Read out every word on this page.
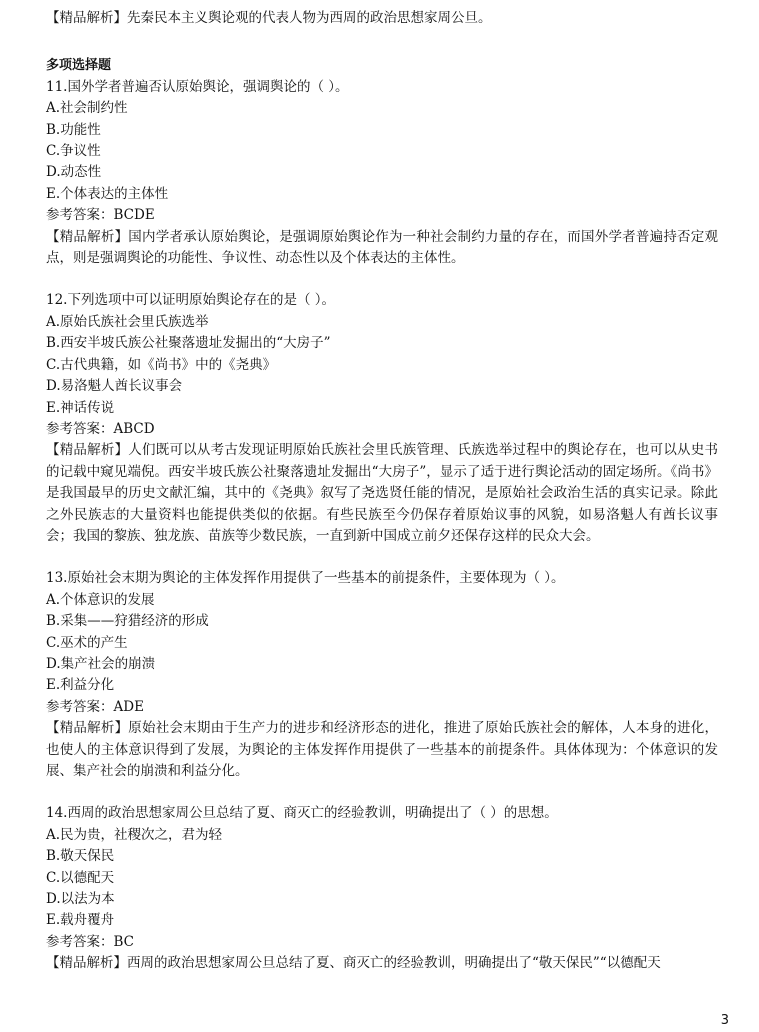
【精品解析】先秦民本主义舆论观的代表人物为西周的政治思想家周公旦。
多项选择题
11.国外学者普遍否认原始舆论，强调舆论的（ ）。
A.社会制约性
B.功能性
C.争议性
D.动态性
E.个体表达的主体性
参考答案：BCDE
【精品解析】国内学者承认原始舆论，是强调原始舆论作为一种社会制约力量的存在，而国外学者普遍持否定观点，则是强调舆论的功能性、争议性、动态性以及个体表达的主体性。
12.下列选项中可以证明原始舆论存在的是（ ）。
A.原始氏族社会里氏族选举
B.西安半坡氏族公社聚落遗址发掘出的“大房子”
C.古代典籍，如《尚书》中的《尧典》
D.易洛魁人酋长议事会
E.神话传说
参考答案：ABCD
【精品解析】人们既可以从考古发现证明原始氏族社会里氏族管理、氏族选举过程中的舆论存在，也可以从史书的记载中窥见端倪。西安半坡氏族公社聚落遗址发掘出“大房子”，显示了适于进行舆论活动的固定场所。《尚书》是我国最早的历史文献汇编，其中的《尧典》叙写了尧选贤任能的情况，是原始社会政治生活的真实记录。除此之外民族志的大量资料也能提供类似的依据。有些民族至今仍保存着原始议事的风貌，如易洛魁人有酋长议事会；我国的黎族、独龙族、苗族等少数民族，一直到新中国成立前夕还保存这样的民众大会。
13.原始社会末期为舆论的主体发挥作用提供了一些基本的前提条件，主要体现为（ ）。
A.个体意识的发展
B.采集——狩猎经济的形成
C.巫术的产生
D.集产社会的崩溃
E.利益分化
参考答案：ADE
【精品解析】原始社会末期由于生产力的进步和经济形态的进化，推进了原始氏族社会的解体，人本身的进化，也使人的主体意识得到了发展，为舆论的主体发挥作用提供了一些基本的前提条件。具体体现为：个体意识的发展、集产社会的崩溃和利益分化。
14.西周的政治思想家周公旦总结了夏、商灭亡的经验教训，明确提出了（ ）的思想。
A.民为贵，社稷次之，君为轻
B.敬天保民
C.以德配天
D.以法为本
E.载舟覆舟
参考答案：BC
【精品解析】西周的政治思想家周公旦总结了夏、商灭亡的经验教训，明确提出了“敬天保民”“以德配天
3
